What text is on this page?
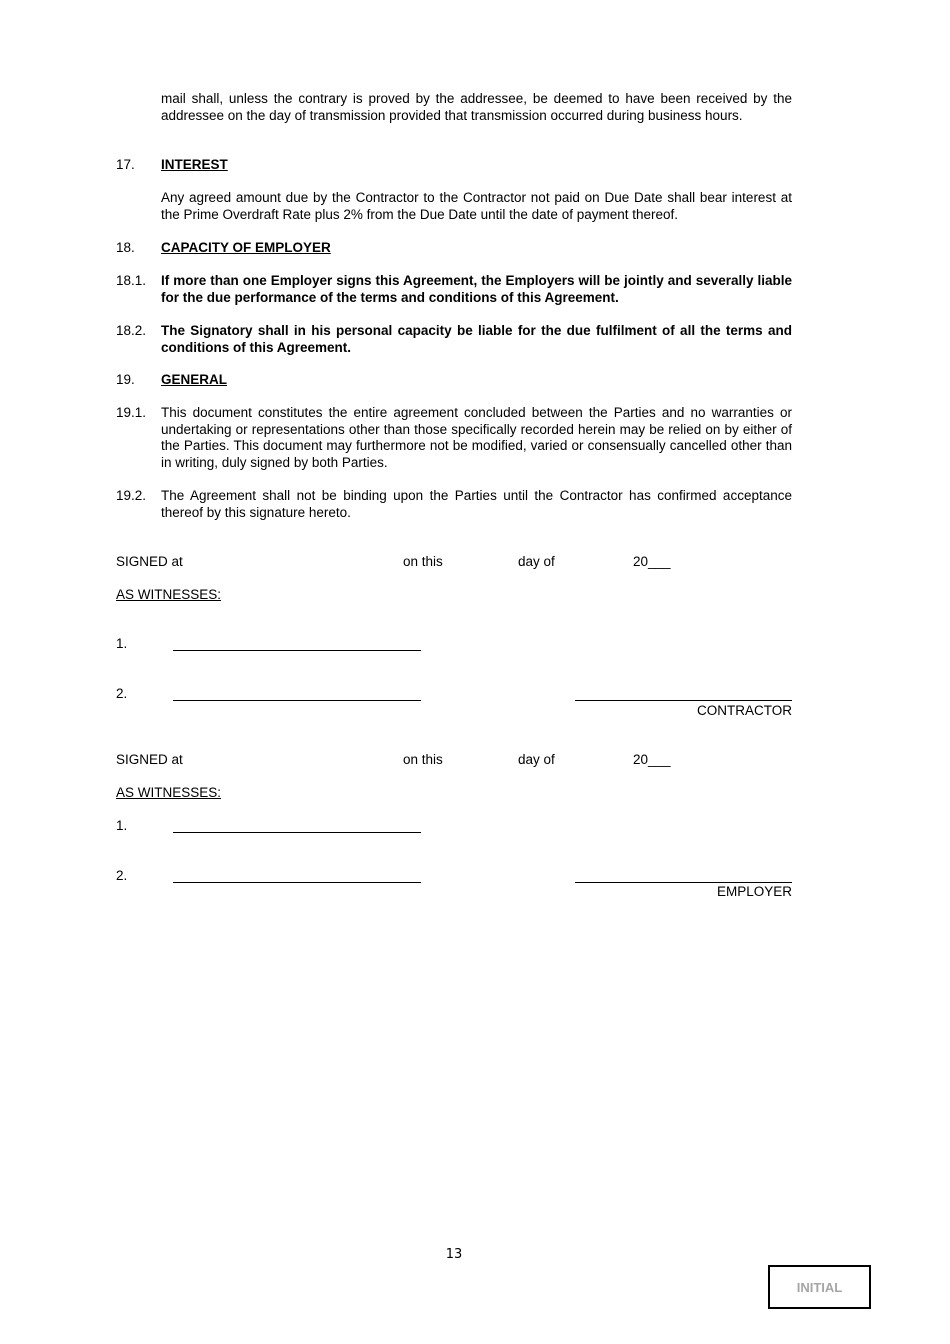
mail shall, unless the contrary is proved by the addressee, be deemed to have been received by the addressee on the day of transmission provided that transmission occurred during business hours.
17. INTEREST
Any agreed amount due by the Contractor to the Contractor not paid on Due Date shall bear interest at the Prime Overdraft Rate plus 2% from the Due Date until the date of payment thereof.
18. CAPACITY OF EMPLOYER
18.1. If more than one Employer signs this Agreement, the Employers will be jointly and severally liable for the due performance of the terms and conditions of this Agreement.
18.2. The Signatory shall in his personal capacity be liable for the due fulfilment of all the terms and conditions of this Agreement.
19. GENERAL
19.1. This document constitutes the entire agreement concluded between the Parties and no warranties or undertaking or representations other than those specifically recorded herein may be relied on by either of the Parties. This document may furthermore not be modified, varied or consensually cancelled other than in writing, duly signed by both Parties.
19.2. The Agreement shall not be binding upon the Parties until the Contractor has confirmed acceptance thereof by this signature hereto.
SIGNED at	on this	day of	20___
AS WITNESSES:
1.
2.
CONTRACTOR
SIGNED at	on this	day of	20___
AS WITNESSES:
1.
2.
EMPLOYER
13
INITIAL
